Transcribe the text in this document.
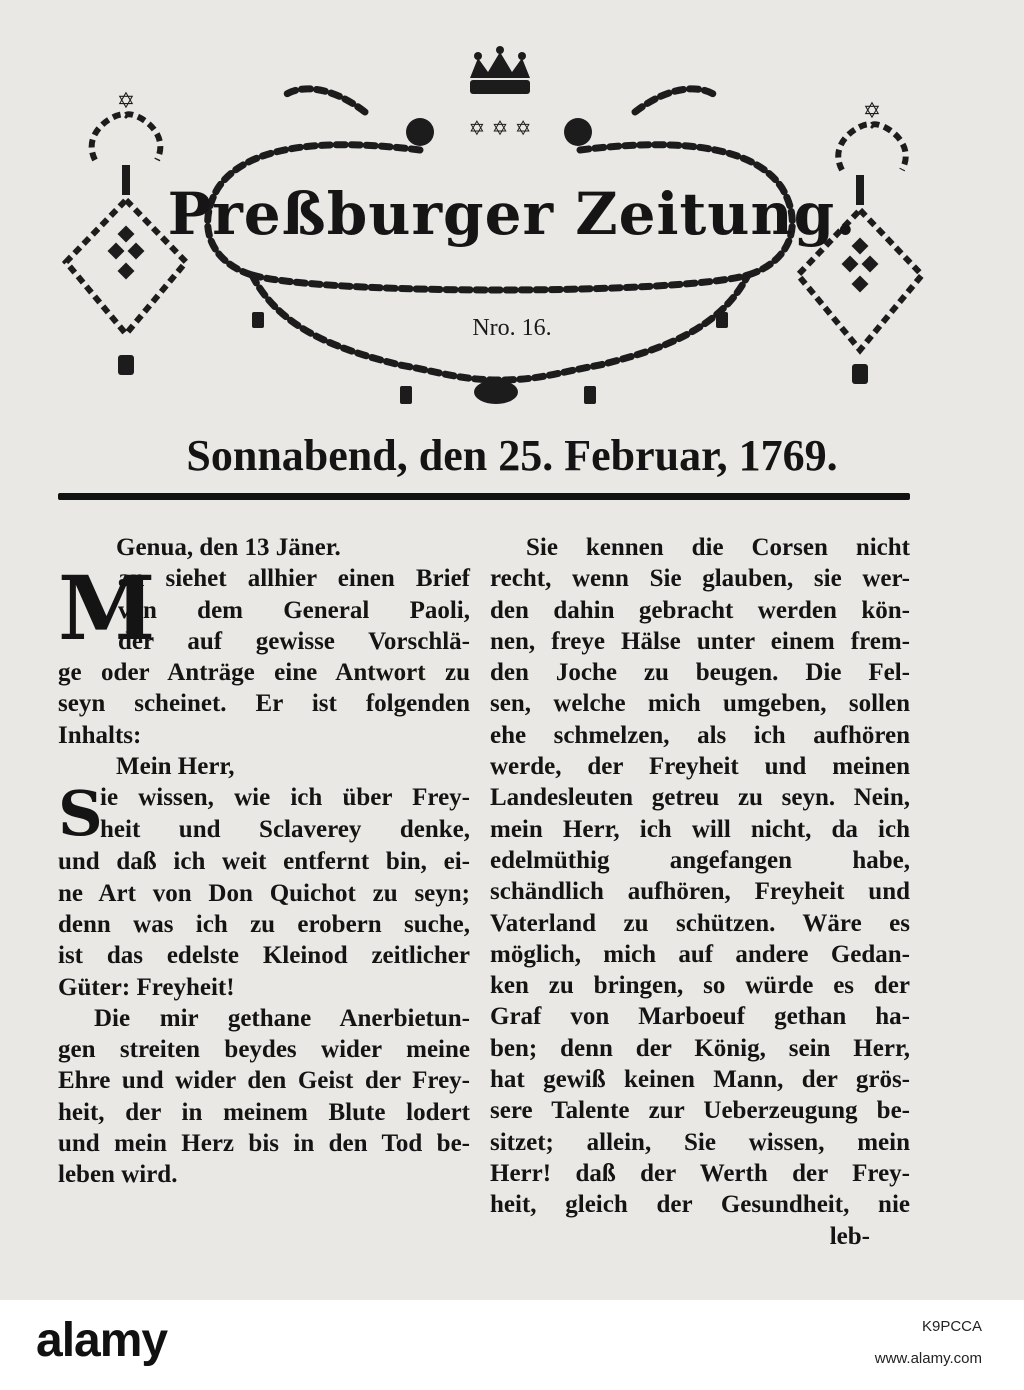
✡ ✡ ✡
✡	✡
Preßburger Zeitung.
Nro. 16.
Sonnabend, den 25. Februar, 1769.
Genua, den 13 Jäner.
M
an siehet allhier einen Brief
von dem General Paoli,
der auf gewisse Vorschlä-
ge oder Anträge eine Antwort zu
seyn scheinet. Er ist folgenden
Inhalts:
Mein Herr,
S
ie wissen, wie ich über Frey-
heit und Sclaverey denke,
und daß ich weit entfernt bin, ei-
ne Art von Don Quichot zu seyn;
denn was ich zu erobern suche,
ist das edelste Kleinod zeitlicher
Güter: Freyheit!
Die mir gethane Anerbietun-
gen streiten beydes wider meine
Ehre und wider den Geist der Frey-
heit, der in meinem Blute lodert
und mein Herz bis in den Tod be-
leben wird.
Sie kennen die Corsen nicht
recht, wenn Sie glauben, sie wer-
den dahin gebracht werden kön-
nen, freye Hälse unter einem frem-
den Joche zu beugen. Die Fel-
sen, welche mich umgeben, sollen
ehe schmelzen, als ich aufhören
werde, der Freyheit und meinen
Landesleuten getreu zu seyn. Nein,
mein Herr, ich will nicht, da ich
edelmüthig angefangen habe,
schändlich aufhören, Freyheit und
Vaterland zu schützen. Wäre es
möglich, mich auf andere Gedan-
ken zu bringen, so würde es der
Graf von Marboeuf gethan ha-
ben; denn der König, sein Herr,
hat gewiß keinen Mann, der grös-
sere Talente zur Ueberzeugung be-
sitzet; allein, Sie wissen, mein
Herr! daß der Werth der Frey-
heit, gleich der Gesundheit, nie
leb-
alamy	K9PCCA
www.alamy.com
